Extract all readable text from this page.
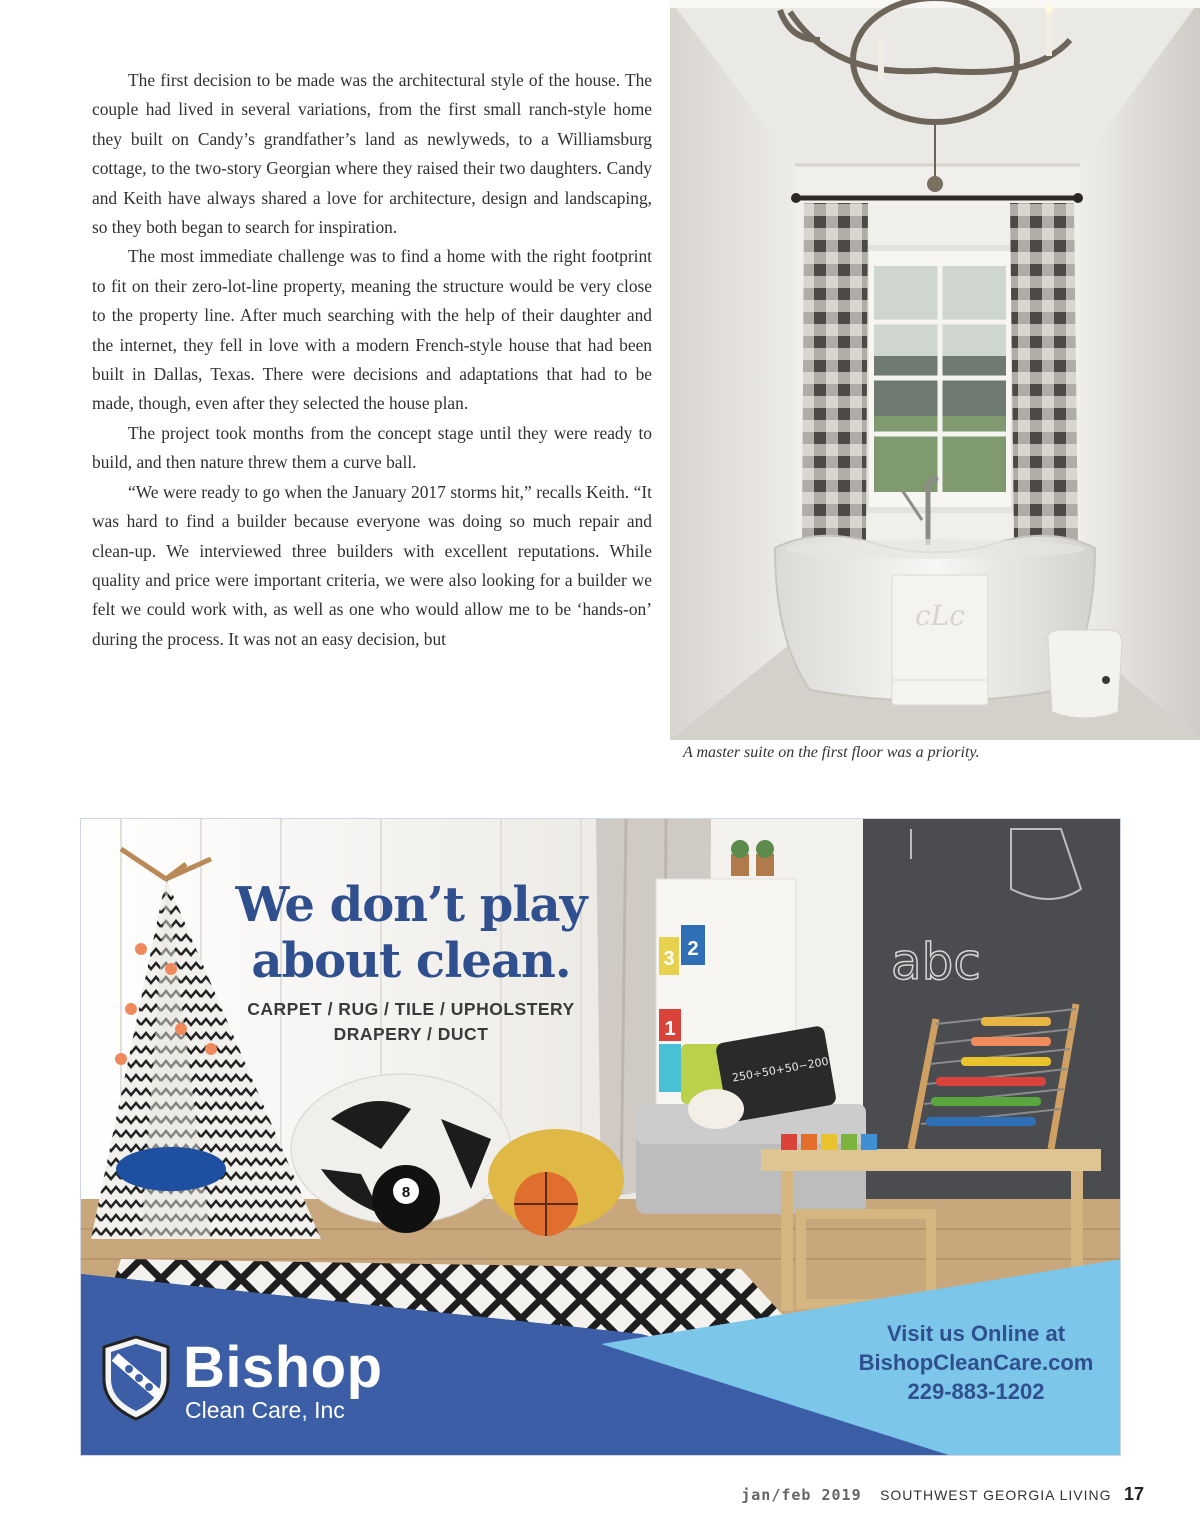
The first decision to be made was the architectural style of the house. The couple had lived in several variations, from the first small ranch-style home they built on Candy’s grandfather’s land as newlyweds, to a Williamsburg cottage, to the two-story Georgian where they raised their two daughters. Candy and Keith have always shared a love for architecture, design and landscaping, so they both began to search for inspiration.

The most immediate challenge was to find a home with the right footprint to fit on their zero-lot-line property, meaning the structure would be very close to the property line. After much searching with the help of their daughter and the internet, they fell in love with a modern French-style house that had been built in Dallas, Texas. There were decisions and adaptations that had to be made, though, even after they selected the house plan.

The project took months from the concept stage until they were ready to build, and then nature threw them a curve ball.

“We were ready to go when the January 2017 storms hit,” recalls Keith. “It was hard to find a builder because everyone was doing so much repair and clean-up. We interviewed three builders with excellent reputations. While quality and price were important criteria, we were also looking for a builder we felt we could work with, as well as one who would allow me to be ‘hands-on’ during the process. It was not an easy decision, but

cLc
A master suite on the first floor was a priority.
abc
8
3 2
1
250÷50+50−200
We don’t play
about clean.
CARPET / RUG / TILE / UPHOLSTERY
DRAPERY / DUCT
Bishop
Clean Care, Inc
Visit us Online at
BishopCleanCare.com
229-883-1202
jan/feb 2019 SOUTHWEST GEORGIA LIVING 17
